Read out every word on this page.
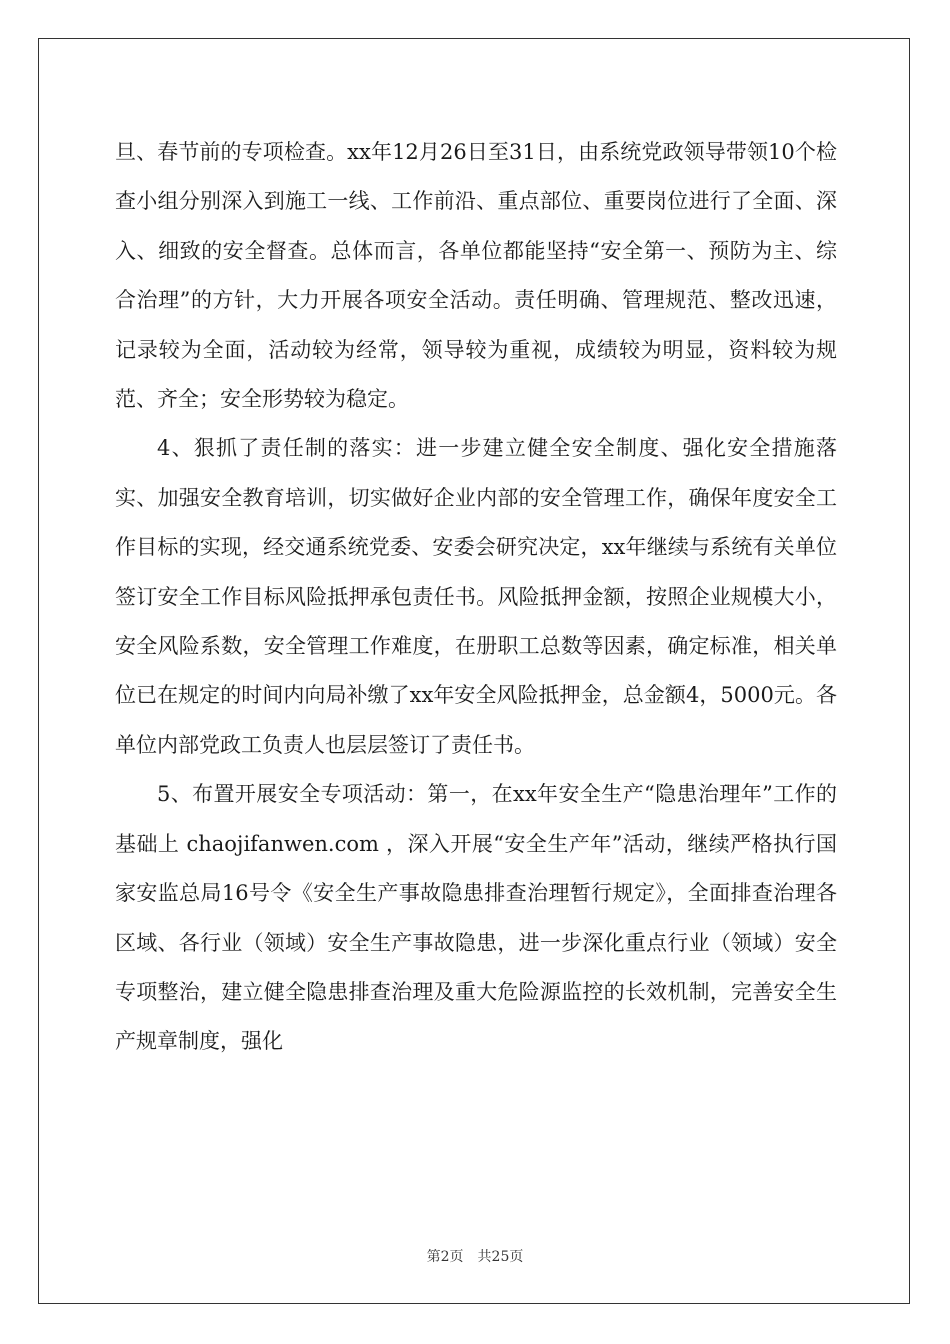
旦、春节前的专项检查。xx年12月26日至31日，由系统党政领导带领10个检查小组分别深入到施工一线、工作前沿、重点部位、重要岗位进行了全面、深入、细致的安全督查。总体而言，各单位都能坚持“安全第一、预防为主、综合治理”的方针，大力开展各项安全活动。责任明确、管理规范、整改迅速，记录较为全面，活动较为经常，领导较为重视，成绩较为明显，资料较为规范、齐全；安全形势较为稳定。

4、狠抓了责任制的落实：进一步建立健全安全制度、强化安全措施落实、加强安全教育培训，切实做好企业内部的安全管理工作，确保年度安全工作目标的实现，经交通系统党委、安委会研究决定，xx年继续与系统有关单位签订安全工作目标风险抵押承包责任书。风险抵押金额，按照企业规模大小，安全风险系数，安全管理工作难度，在册职工总数等因素，确定标准，相关单位已在规定的时间内向局补缴了xx年安全风险抵押金，总金额4，5000元。各单位内部党政工负责人也层层签订了责任书。

5、布置开展安全专项活动：第一，在xx年安全生产“隐患治理年”工作的基础上 chaojifanwen.com ，深入开展“安全生产年”活动，继续严格执行国家安监总局16号令《安全生产事故隐患排查治理暂行规定》，全面排查治理各区域、各行业（领域）安全生产事故隐患，进一步深化重点行业（领域）安全专项整治，建立健全隐患排查治理及重大危险源监控的长效机制，完善安全生产规章制度，强化

第2页　共25页
